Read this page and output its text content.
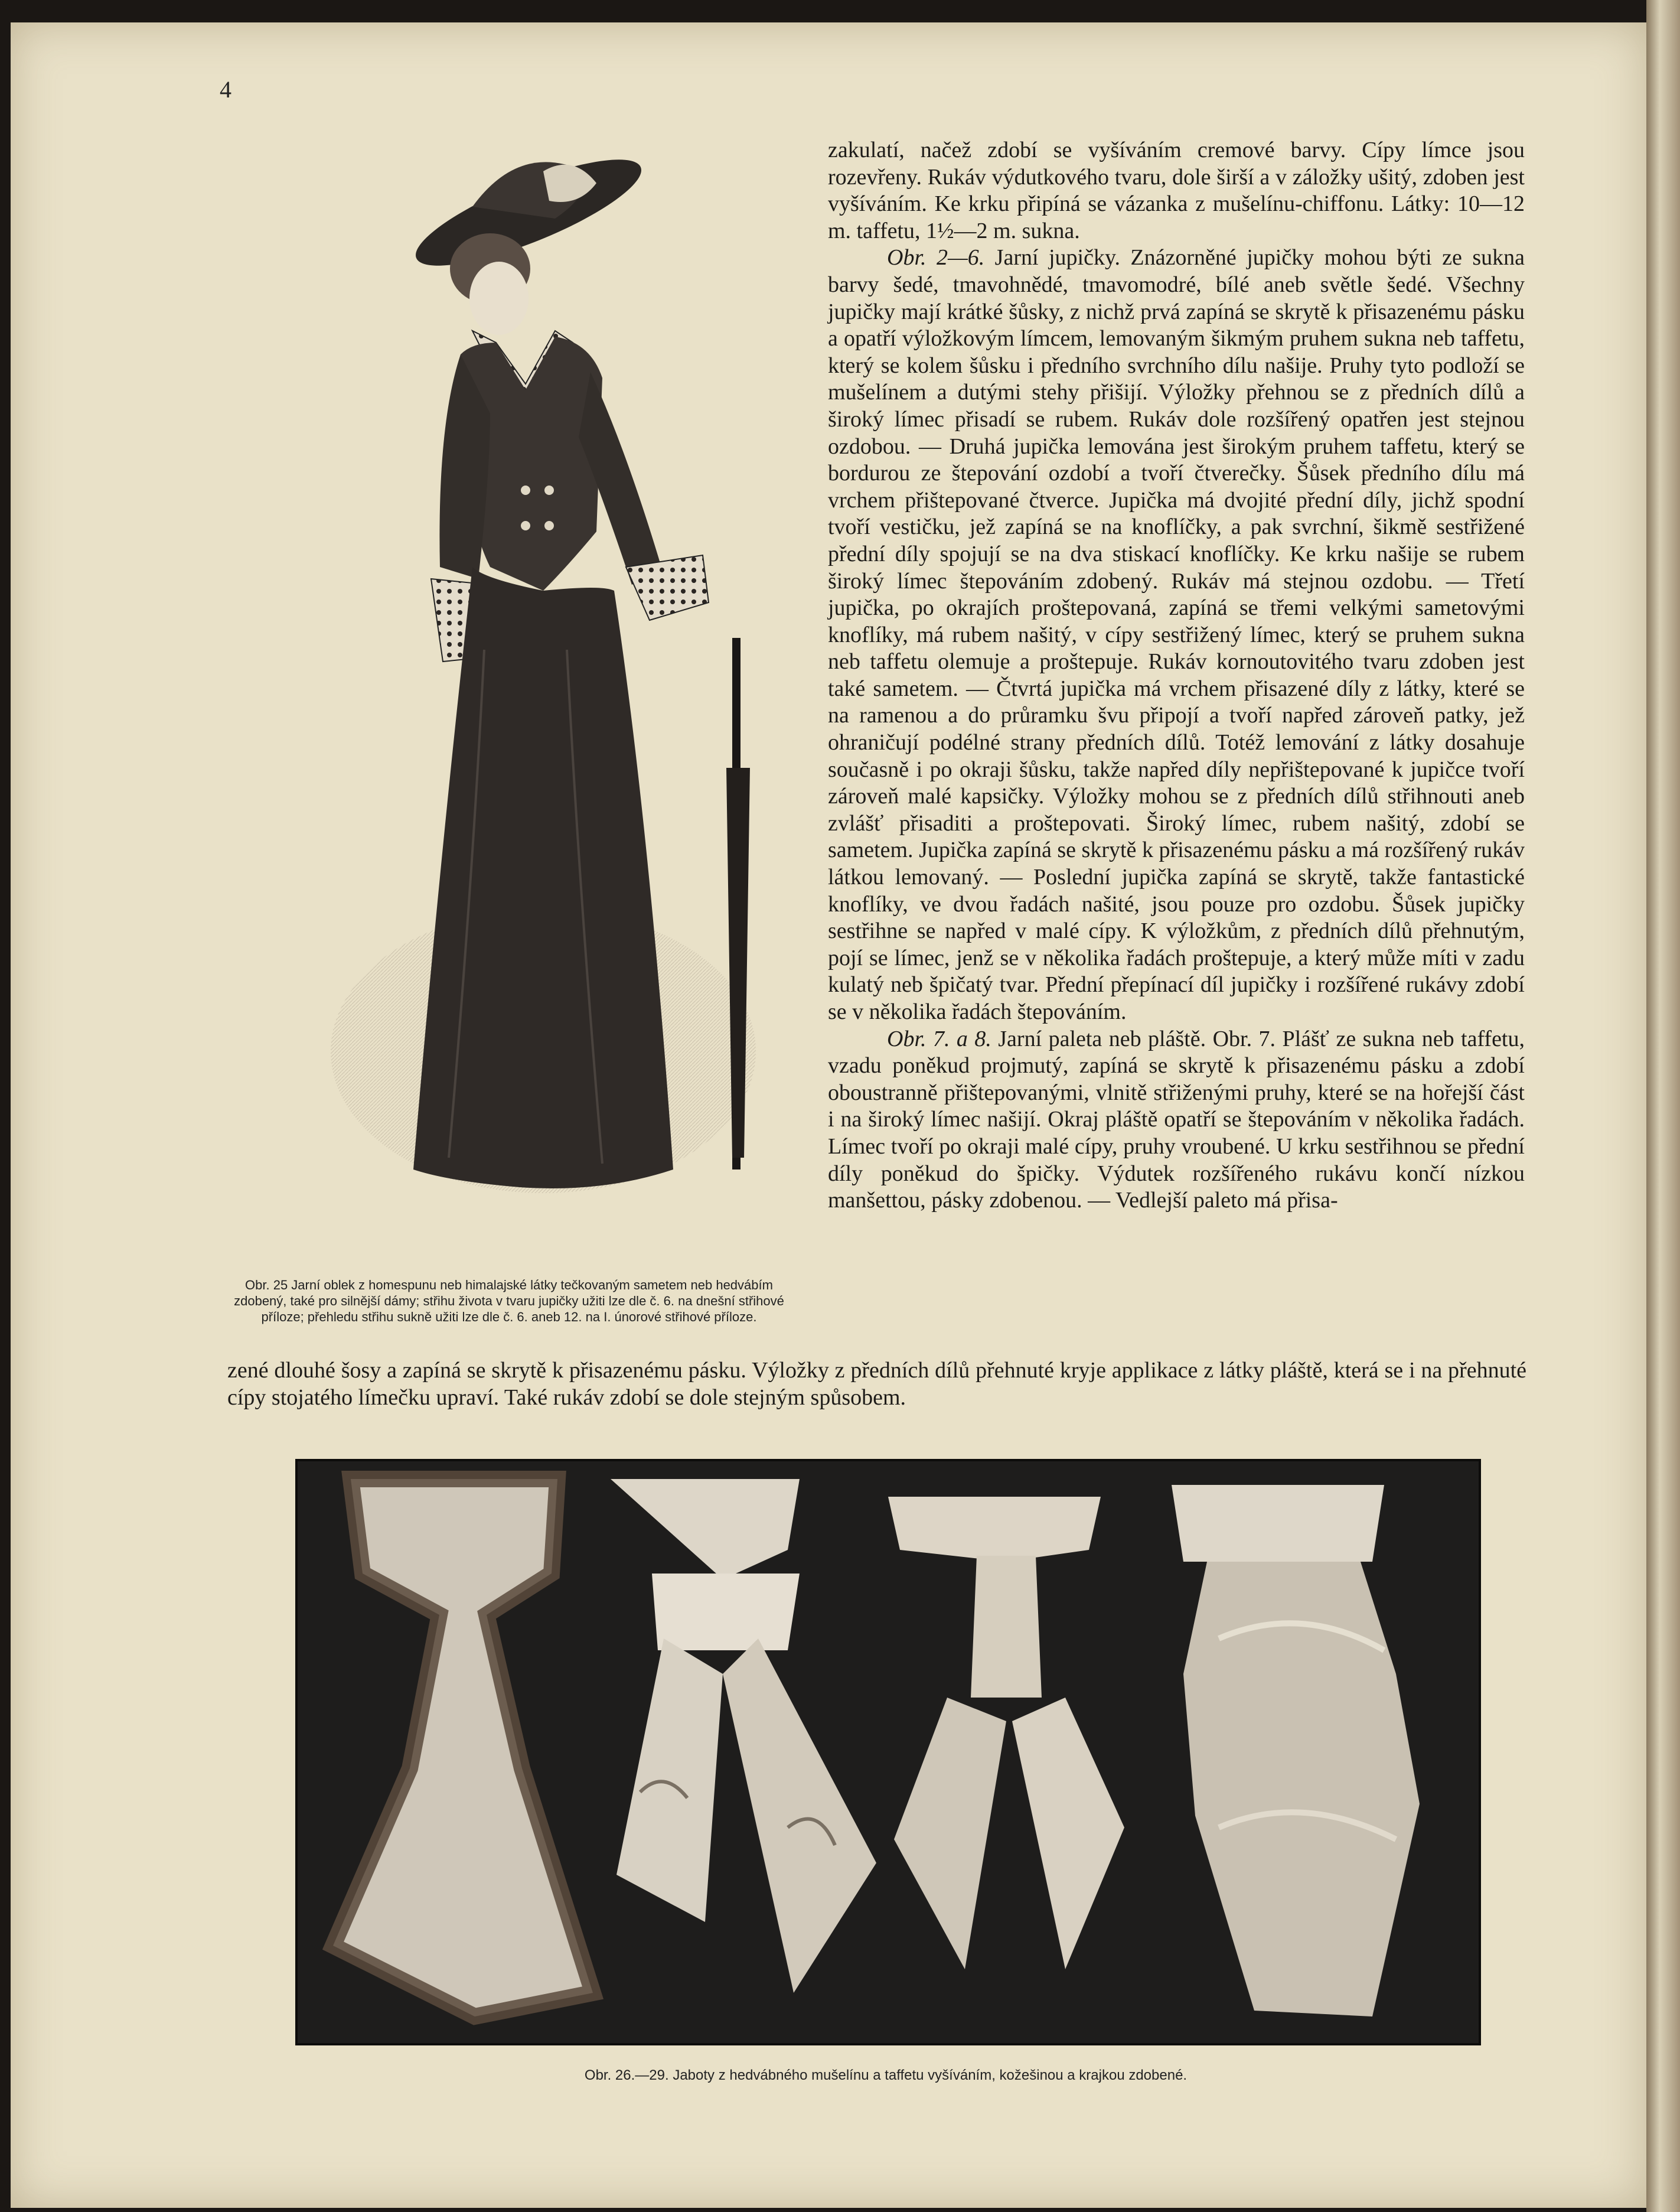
4
Obr. 25 Jarní oblek z homespunu neb himalajské látky tečkovaným sametem neb hedvábím zdobený, také pro silnější dámy; střihu života v tvaru jupičky užiti lze dle č. 6. na dnešní střihové příloze; přehledu střihu sukně užiti lze dle č. 6. aneb 12. na I. únorové střihové příloze.

zakulatí, načež zdobí se vyšíváním cremové barvy. Cípy límce jsou rozevřeny. Rukáv výdutkového tvaru, dole širší a v záložky ušitý, zdoben jest vyšíváním. Ke krku připíná se vázanka z mušelínu-chiffonu. Látky: 10—12 m. taffetu, 1½—2 m. sukna.

Obr. 2—6. Jarní jupičky. Znázorněné jupičky mohou býti ze sukna barvy šedé, tmavohnědé, tmavomodré, bílé aneb světle šedé. Všechny jupičky mají krátké šůsky, z nichž prvá zapíná se skrytě k přisazenému pásku a opatří výložkovým límcem, lemovaným šikmým pruhem sukna neb taffetu, který se kolem šůsku i předního svrchního dílu našije. Pruhy tyto podloží se mušelínem a dutými stehy přišijí. Výložky přehnou se z předních dílů a široký límec přisadí se rubem. Rukáv dole rozšířený opatřen jest stejnou ozdobou. — Druhá jupička lemována jest širokým pruhem taffetu, který se bordurou ze štepování ozdobí a tvoří čtverečky. Šůsek předního dílu má vrchem přištepované čtverce. Jupička má dvojité přední díly, jichž spodní tvoří vestičku, jež zapíná se na knoflíčky, a pak svrchní, šikmě sestřižené přední díly spojují se na dva stiskací knoflíčky. Ke krku našije se rubem široký límec štepováním zdobený. Rukáv má stejnou ozdobu. — Třetí jupička, po okrajích proštepovaná, zapíná se třemi velkými sametovými knoflíky, má rubem našitý, v cípy sestřižený límec, který se pruhem sukna neb taffetu olemuje a proštepuje. Rukáv kornoutovitého tvaru zdoben jest také sametem. — Čtvrtá jupička má vrchem přisazené díly z látky, které se na ramenou a do průramku švu připojí a tvoří napřed zároveň patky, jež ohraničují podélné strany předních dílů. Totéž lemování z látky dosahuje současně i po okraji šůsku, takže napřed díly nepřištepované k jupičce tvoří zároveň malé kapsičky. Výložky mohou se z předních dílů střihnouti aneb zvlášť přisaditi a proštepovati. Široký límec, rubem našitý, zdobí se sametem. Jupička zapíná se skrytě k přisazenému pásku a má rozšířený rukáv látkou lemovaný. — Poslední jupička zapíná se skrytě, takže fantastické knoflíky, ve dvou řadách našité, jsou pouze pro ozdobu. Šůsek jupičky sestřihne se napřed v malé cípy. K výložkům, z předních dílů přehnutým, pojí se límec, jenž se v několika řadách proštepuje, a který může míti v zadu kulatý neb špičatý tvar. Přední přepínací díl jupičky i rozšířené rukávy zdobí se v několika řadách štepováním.

Obr. 7. a 8. Jarní paleta neb pláště. Obr. 7. Plášť ze sukna neb taffetu, vzadu poněkud projmutý, zapíná se skrytě k přisazenému pásku a zdobí oboustranně přištepovanými, vlnitě střiženými pruhy, které se na hořejší část i na široký límec našijí. Okraj pláště opatří se štepováním v několika řadách. Límec tvoří po okraji malé cípy, pruhy vroubené. U krku sestřihnou se přední díly poněkud do špičky. Výdutek rozšířeného rukávu končí nízkou manšettou, pásky zdobenou. — Vedlejší paleto má přisa-

zené dlouhé šosy a zapíná se skrytě k přisazenému pásku. Výložky z předních dílů přehnuté kryje applikace z látky pláště, která se i na přehnuté cípy stojatého límečku upraví. Také rukáv zdobí se dole stejným spůsobem.
Obr. 26.—29. Jaboty z hedvábného mušelínu a taffetu vyšíváním, kožešinou a krajkou zdobené.
